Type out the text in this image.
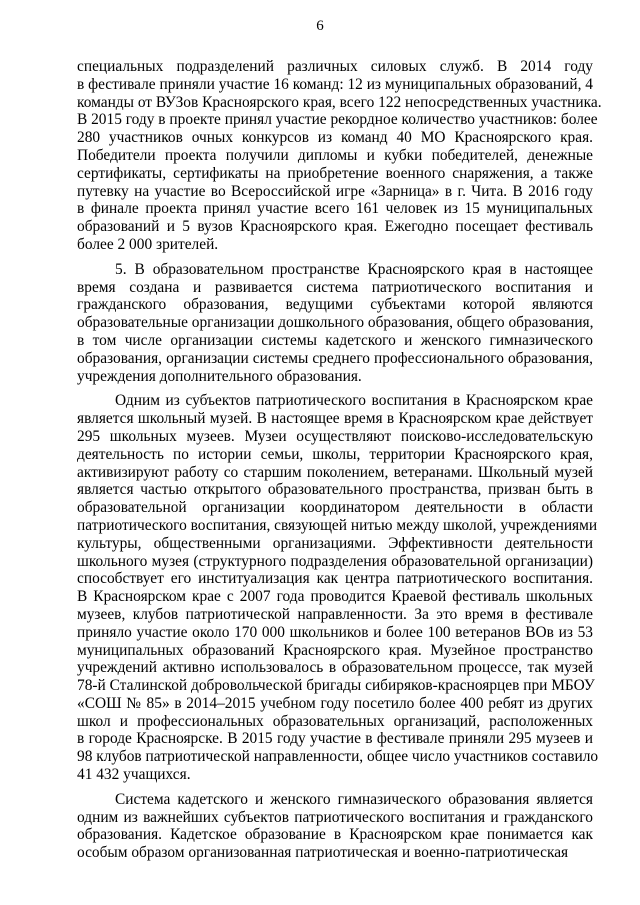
6

специальных подразделений различных силовых служб. В 2014 году
в фестивале приняли участие 16 команд: 12 из муниципальных образований, 4
команды от ВУЗов Красноярского края, всего 122 непосредственных участника.
В 2015 году в проекте принял участие рекордное количество участников: более
280 участников очных конкурсов из команд 40 МО Красноярского края.
Победители проекта получили дипломы и кубки победителей, денежные
сертификаты, сертификаты на приобретение военного снаряжения, а также
путевку на участие во Всероссийской игре «Зарница» в г. Чита. В 2016 году
в финале проекта принял участие всего 161 человек из 15 муниципальных
образований и 5 вузов Красноярского края. Ежегодно посещает фестиваль
более 2 000 зрителей.

5. В образовательном пространстве Красноярского края в настоящее
время создана и развивается система патриотического воспитания и
гражданского образования, ведущими субъектами которой являются
образовательные организации дошкольного образования, общего образования,
в том числе организации системы кадетского и женского гимназического
образования, организации системы среднего профессионального образования,
учреждения дополнительного образования.

Одним из субъектов патриотического воспитания в Красноярском крае
является школьный музей. В настоящее время в Красноярском крае действует
295 школьных музеев. Музеи осуществляют поисково-исследовательскую
деятельность по истории семьи, школы, территории Красноярского края,
активизируют работу со старшим поколением, ветеранами. Школьный музей
является частью открытого образовательного пространства, призван быть в
образовательной организации координатором деятельности в области
патриотического воспитания, связующей нитью между школой, учреждениями
культуры, общественными организациями. Эффективности деятельности
школьного музея (структурного подразделения образовательной организации)
способствует его институализация как центра патриотического воспитания.
В Красноярском крае с 2007 года проводится Краевой фестиваль школьных
музеев, клубов патриотической направленности. За это время в фестивале
приняло участие около 170 000 школьников и более 100 ветеранов ВОв из 53
муниципальных образований Красноярского края. Музейное пространство
учреждений активно использовалось в образовательном процессе, так музей
78-й Сталинской добровольческой бригады сибиряков-красноярцев при МБОУ
«СОШ № 85» в 2014–2015 учебном году посетило более 400 ребят из других
школ и профессиональных образовательных организаций, расположенных
в городе Красноярске. В 2015 году участие в фестивале приняли 295 музеев и
98 клубов патриотической направленности, общее число участников составило
41 432 учащихся.

Система кадетского и женского гимназического образования является
одним из важнейших субъектов патриотического воспитания и гражданского
образования. Кадетское образование в Красноярском крае понимается как
особым образом организованная патриотическая и военно-патриотическая
